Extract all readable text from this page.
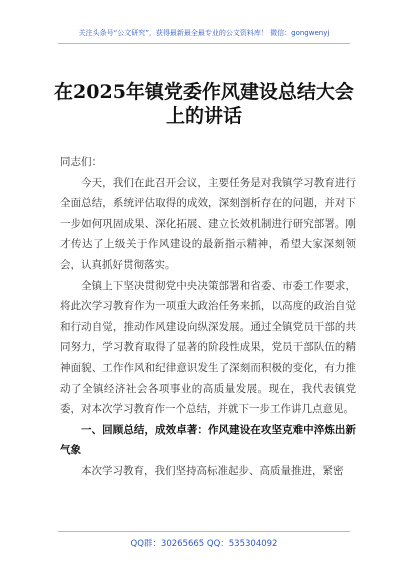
关注头条号“公文研究”，获得最新最全最专业的公文资料库！ 微信：gongwenyj
在2025年镇党委作风建设总结大会上的讲话

同志们：

今天，我们在此召开会议，主要任务是对我镇学习教育进行全面总结，系统评估取得的成效，深刻剖析存在的问题，并对下一步如何巩固成果、深化拓展、建立长效机制进行研究部署。刚才传达了上级关于作风建设的最新指示精神，希望大家深刻领会，认真抓好贯彻落实。

全镇上下坚决贯彻党中央决策部署和省委、市委工作要求，将此次学习教育作为一项重大政治任务来抓，以高度的政治自觉和行动自觉，推动作风建设向纵深发展。通过全镇党员干部的共同努力，学习教育取得了显著的阶段性成果，党员干部队伍的精神面貌、工作作风和纪律意识发生了深刻而积极的变化，有力推动了全镇经济社会各项事业的高质量发展。现在，我代表镇党委，对本次学习教育作一个总结，并就下一步工作讲几点意见。

一、回顾总结，成效卓著：作风建设在攻坚克难中淬炼出新气象

本次学习教育，我们坚持高标准起步、高质量推进，紧密

QQ群：30265665 QQ：535304092
